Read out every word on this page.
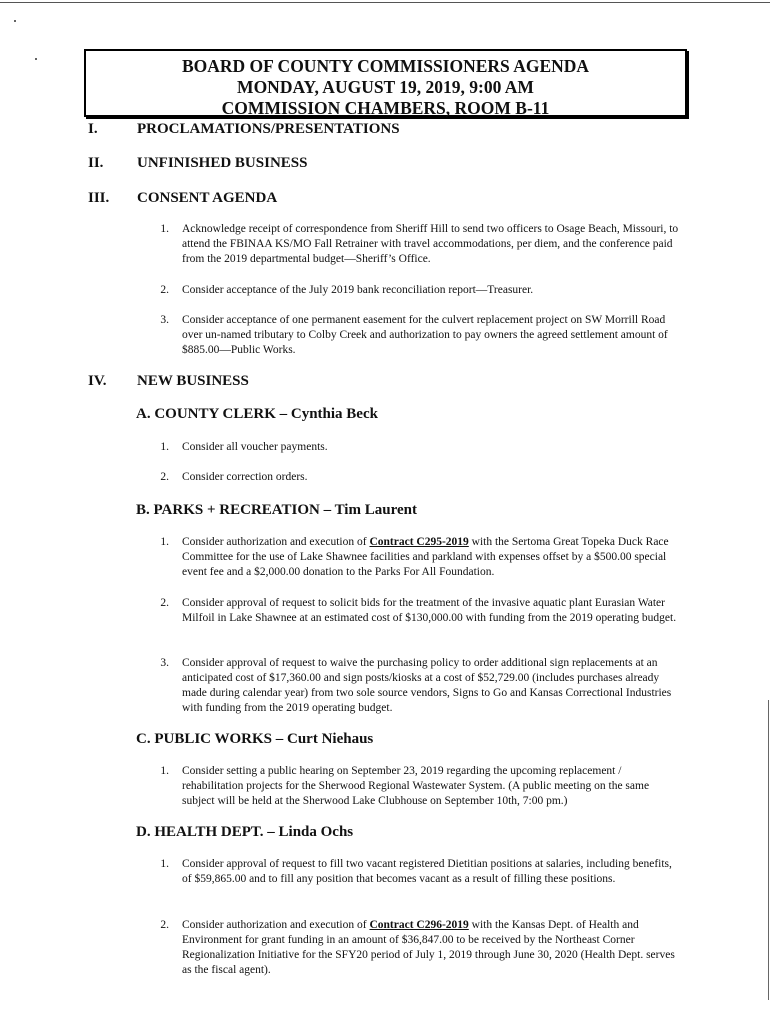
BOARD OF COUNTY COMMISSIONERS AGENDA
MONDAY, AUGUST 19, 2019, 9:00 AM
COMMISSION CHAMBERS, ROOM B-11
I.	PROCLAMATIONS/PRESENTATIONS
II. UNFINISHED BUSINESS
III. CONSENT AGENDA
1. Acknowledge receipt of correspondence from Sheriff Hill to send two officers to Osage Beach, Missouri, to attend the FBINAA KS/MO Fall Retrainer with travel accommodations, per diem, and the conference paid from the 2019 departmental budget—Sheriff’s Office.
2. Consider acceptance of the July 2019 bank reconciliation report—Treasurer.
3. Consider acceptance of one permanent easement for the culvert replacement project on SW Morrill Road over un-named tributary to Colby Creek and authorization to pay owners the agreed settlement amount of $885.00—Public Works.
IV. NEW BUSINESS
A. COUNTY CLERK – Cynthia Beck
1. Consider all voucher payments.
2. Consider correction orders.
B. PARKS + RECREATION – Tim Laurent
1. Consider authorization and execution of Contract C295-2019 with the Sertoma Great Topeka Duck Race Committee for the use of Lake Shawnee facilities and parkland with expenses offset by a $500.00 special event fee and a $2,000.00 donation to the Parks For All Foundation.
2. Consider approval of request to solicit bids for the treatment of the invasive aquatic plant Eurasian Water Milfoil in Lake Shawnee at an estimated cost of $130,000.00 with funding from the 2019 operating budget.
3. Consider approval of request to waive the purchasing policy to order additional sign replacements at an anticipated cost of $17,360.00 and sign posts/kiosks at a cost of $52,729.00 (includes purchases already made during calendar year) from two sole source vendors, Signs to Go and Kansas Correctional Industries with funding from the 2019 operating budget.
C. PUBLIC WORKS – Curt Niehaus
1. Consider setting a public hearing on September 23, 2019 regarding the upcoming replacement / rehabilitation projects for the Sherwood Regional Wastewater System. (A public meeting on the same subject will be held at the Sherwood Lake Clubhouse on September 10th, 7:00 pm.)
D. HEALTH DEPT. – Linda Ochs
1. Consider approval of request to fill two vacant registered Dietitian positions at salaries, including benefits, of $59,865.00 and to fill any position that becomes vacant as a result of filling these positions.
2. Consider authorization and execution of Contract C296-2019 with the Kansas Dept. of Health and Environment for grant funding in an amount of $36,847.00 to be received by the Northeast Corner Regionalization Initiative for the SFY20 period of July 1, 2019 through June 30, 2020 (Health Dept. serves as the fiscal agent).
